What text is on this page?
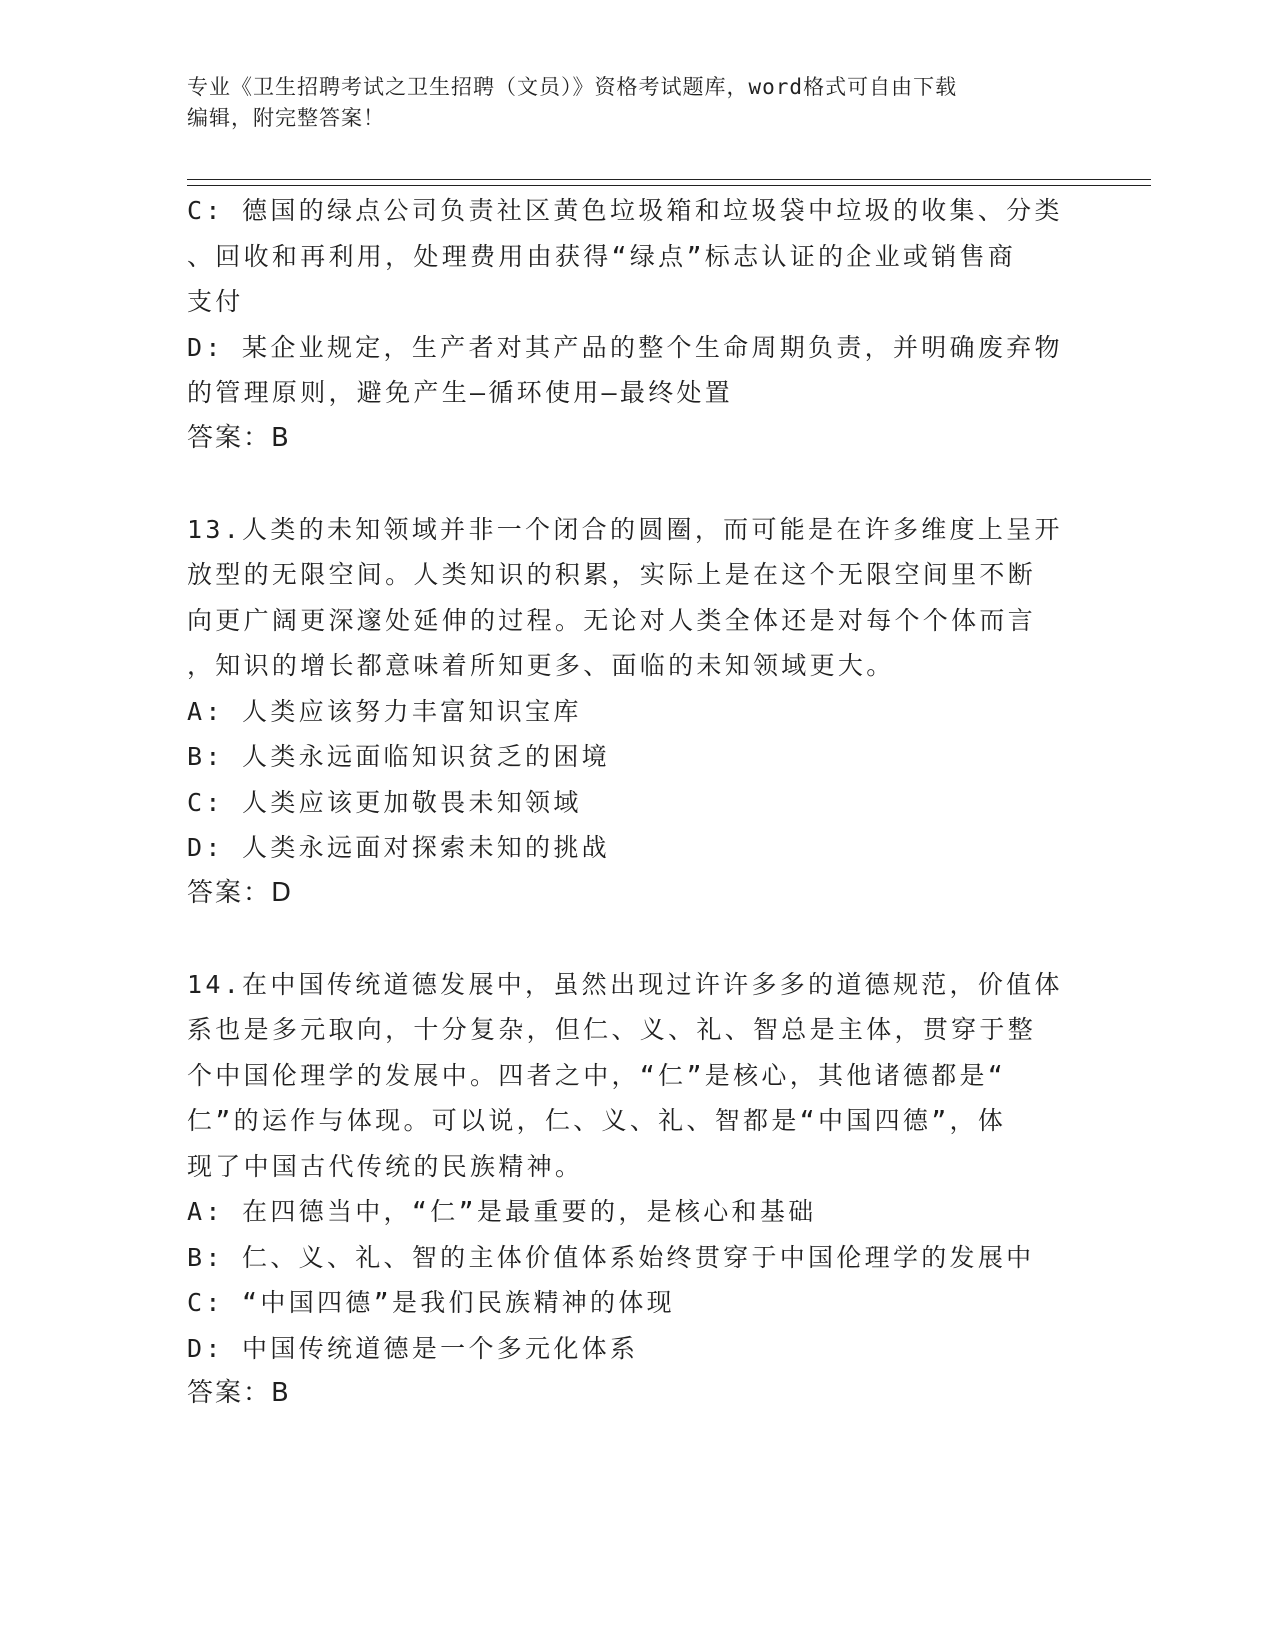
专业《卫生招聘考试之卫生招聘（文员）》资格考试题库，word格式可自由下载
编辑，附完整答案！
C: 德国的绿点公司负责社区黄色垃圾箱和垃圾袋中垃圾的收集、分类
、回收和再利用，处理费用由获得“绿点”标志认证的企业或销售商
支付
D: 某企业规定，生产者对其产品的整个生命周期负责，并明确废弃物
的管理原则，避免产生—循环使用—最终处置
答案：B
13.人类的未知领域并非一个闭合的圆圈，而可能是在许多维度上呈开
放型的无限空间。人类知识的积累，实际上是在这个无限空间里不断
向更广阔更深邃处延伸的过程。无论对人类全体还是对每个个体而言
，知识的增长都意味着所知更多、面临的未知领域更大。
A: 人类应该努力丰富知识宝库
B: 人类永远面临知识贫乏的困境
C: 人类应该更加敬畏未知领域
D: 人类永远面对探索未知的挑战
答案：D
14.在中国传统道德发展中，虽然出现过许许多多的道德规范，价值体
系也是多元取向，十分复杂，但仁、义、礼、智总是主体，贯穿于整
个中国伦理学的发展中。四者之中，“仁”是核心，其他诸德都是“
仁”的运作与体现。可以说，仁、义、礼、智都是“中国四德”，体
现了中国古代传统的民族精神。
A: 在四德当中，“仁”是最重要的，是核心和基础
B: 仁、义、礼、智的主体价值体系始终贯穿于中国伦理学的发展中
C: “中国四德”是我们民族精神的体现
D: 中国传统道德是一个多元化体系
答案：B
